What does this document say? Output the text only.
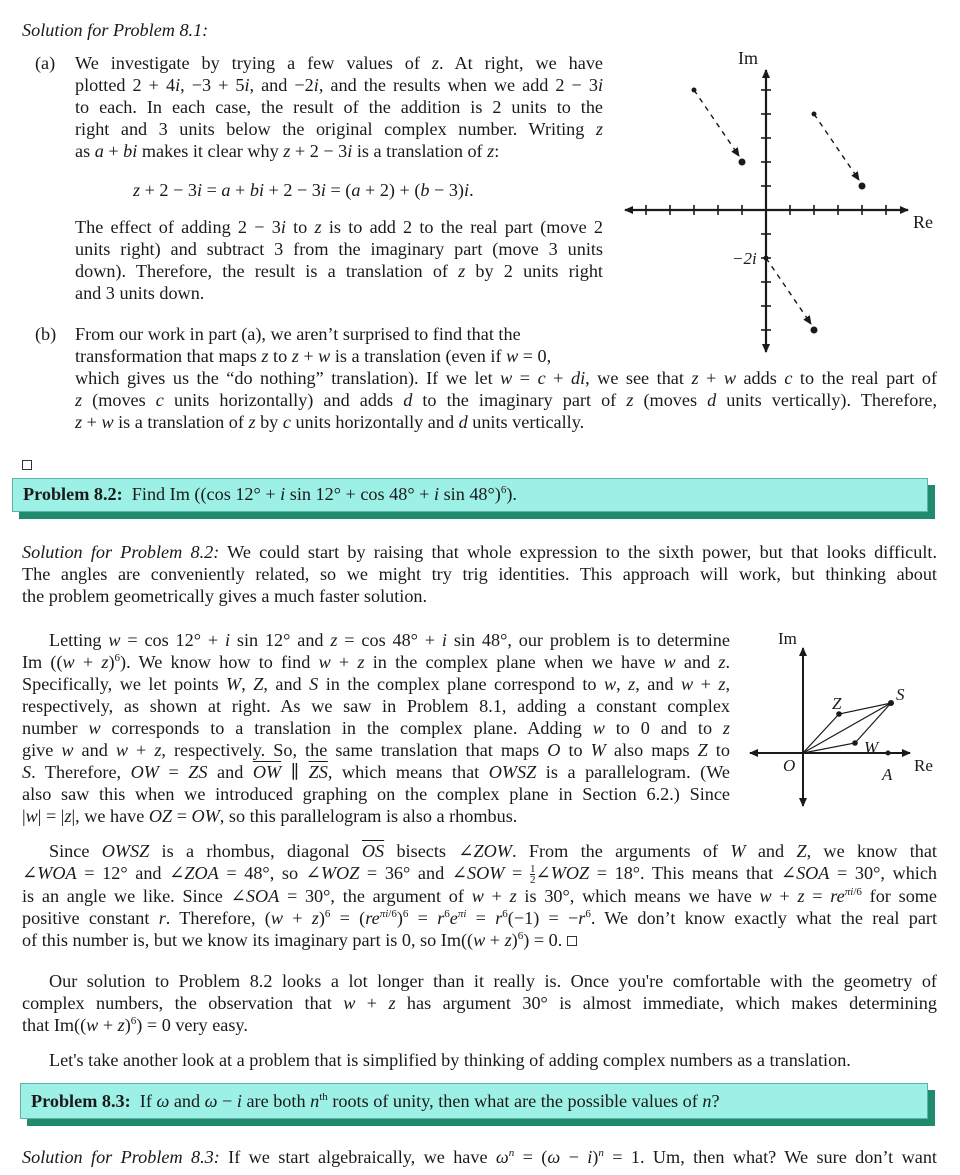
Solution for Problem 8.1:
(a) We investigate by trying a few values of z. At right, we have
plotted 2 + 4i, −3 + 5i, and −2i, and the results when we add 2 − 3i
to each. In each case, the result of the addition is 2 units to the
right and 3 units below the original complex number. Writing z
as a + bi makes it clear why z + 2 − 3i is a translation of z:
z + 2 − 3i = a + bi + 2 − 3i = (a + 2) + (b − 3)i.
The effect of adding 2 − 3i to z is to add 2 to the real part (move 2
units right) and subtract 3 from the imaginary part (move 3 units
down). Therefore, the result is a translation of z by 2 units right
and 3 units down.
(b) From our work in part (a), we aren’t surprised to find that the
transformation that maps z to z + w is a translation (even if w = 0,
which gives us the “do nothing” translation). If we let w = c + di, we see that z + w adds c to the real part of
z (moves c units horizontally) and adds d to the imaginary part of z (moves d units vertically). Therefore,
z + w is a translation of z by c units horizontally and d units vertically.
Im
Re
−2i
Problem 8.2:  Find Im ((cos 12° + i sin 12° + cos 48° + i sin 48°)$^6$).
Solution for Problem 8.2: We could start by raising that whole expression to the sixth power, but that looks difficult.
The angles are conveniently related, so we might try trig identities. This approach will work, but thinking about
the problem geometrically gives a much faster solution.
Letting w = cos 12° + i sin 12° and z = cos 48° + i sin 48°, our problem is to determine
Im $((w + z)^6)$. We know how to find w + z in the complex plane when we have w and z.
Specifically, we let points W, Z, and S in the complex plane correspond to w, z, and w + z,
respectively, as shown at right. As we saw in Problem 8.1, adding a constant complex
number w corresponds to a translation in the complex plane. Adding w to 0 and to z
give w and w + z, respectively. So, the same translation that maps O to W also maps Z to
S. Therefore, OW = ZS and $\overline{OW}$ ∥ $\overline{ZS}$, which means that OWSZ is a parallelogram. (We
also saw this when we introduced graphing on the complex plane in Section 6.2.) Since
|w| = |z|, we have OZ = OW, so this parallelogram is also a rhombus.
Im
Re
O
W
Z	S
A
Since OWSZ is a rhombus, diagonal $\overline{OS}$ bisects ∠ZOW. From the arguments of W and Z, we know that
∠WOA = 12° and ∠ZOA = 48°, so ∠WOZ = 36° and ∠SOW = $\frac{1}{2}$ ∠WOZ = 18°. This means that ∠SOA = 30°, which
is an angle we like. Since ∠SOA = 30°, the argument of w + z is 30°, which means we have $w + z = re^{\pi i/6}$ for some
positive constant r. Therefore, $(w + z)^6 = (re^{\pi i/6})^6 = r^6e^{\pi i} = r^6(-1) = -r^6$. We don’t know exactly what the real part
of this number is, but we know its imaginary part is 0, so $Im((w + z)^6) = 0$.
Our solution to Problem 8.2 looks a lot longer than it really is. Once you're comfortable with the geometry of
complex numbers, the observation that w + z has argument 30° is almost immediate, which makes determining
that $Im((w + z)^6) = 0$ very easy.
Let's take another look at a problem that is simplified by thinking of adding complex numbers as a translation.
Problem 8.3:  If ω and ω − i are both $n^{th}$ roots of unity, then what are the possible values of n?
Solution for Problem 8.3: If we start algebraically, we have $\omega^n = (\omega - i)^n = 1$. Um, then what? We sure don’t want
